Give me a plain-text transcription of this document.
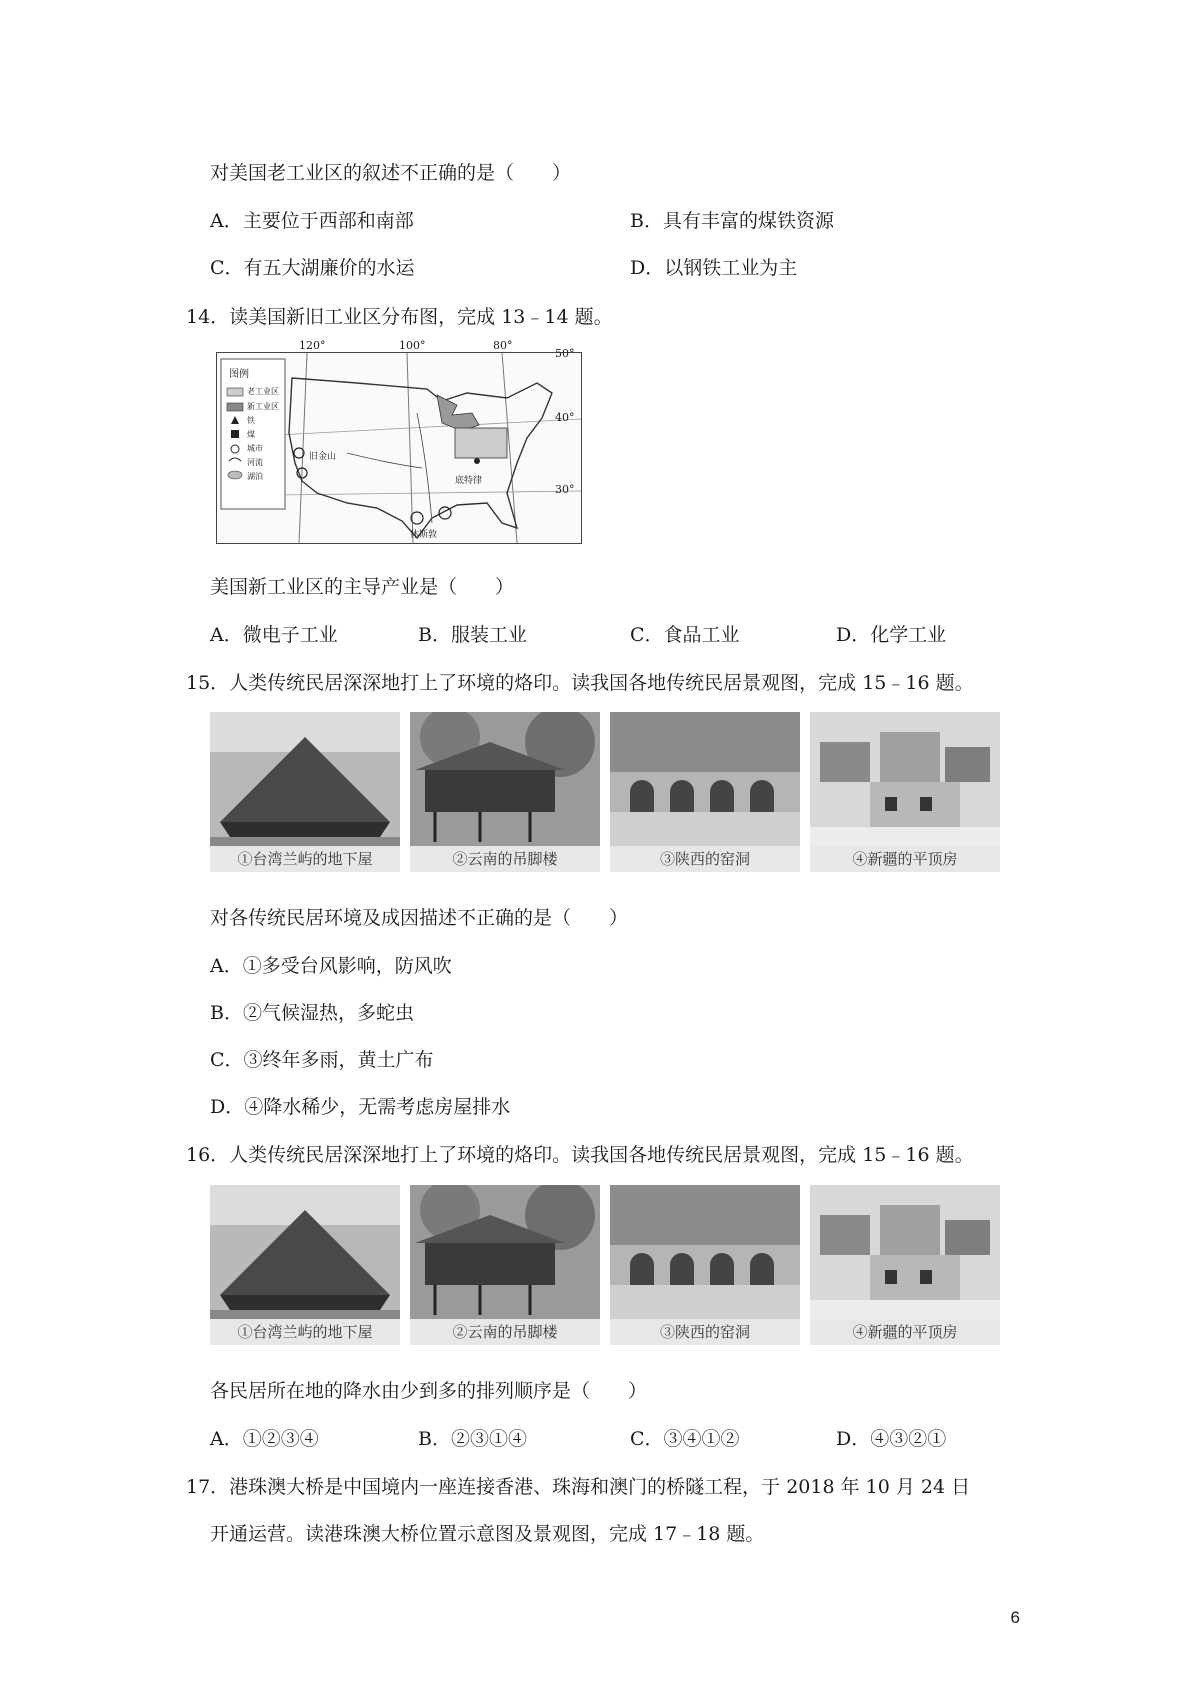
对美国老工业区的叙述不正确的是（　　）
A．主要位于西部和南部	B．具有丰富的煤铁资源
C．有五大湖廉价的水运	D．以钢铁工业为主
14．读美国新旧工业区分布图，完成 13﹣14 题。
图例
老工业区
新工业区
铁
煤
城市
河流
湖泊
120°	100°	80°
50°
40°
30°
旧金山
底特律
休斯敦
美国新工业区的主导产业是（　　）
A．微电子工业	B．服装工业	C．食品工业	D．化学工业
15．人类传统民居深深地打上了环境的烙印。读我国各地传统民居景观图，完成 15﹣16 题。
①台湾兰屿的地下屋	②云南的吊脚楼	③陕西的窑洞	④新疆的平顶房
对各传统民居环境及成因描述不正确的是（　　）
A．①多受台风影响，防风吹
B．②气候湿热，多蛇虫
C．③终年多雨，黄土广布
D．④降水稀少，无需考虑房屋排水
16．人类传统民居深深地打上了环境的烙印。读我国各地传统民居景观图，完成 15﹣16 题。
①台湾兰屿的地下屋	②云南的吊脚楼	③陕西的窑洞	④新疆的平顶房
各民居所在地的降水由少到多的排列顺序是（　　）
A．①②③④	B．②③①④	C．③④①②	D．④③②①
17．港珠澳大桥是中国境内一座连接香港、珠海和澳门的桥隧工程，于 2018 年 10 月 24 日
开通运营。读港珠澳大桥位置示意图及景观图，完成 17﹣18 题。
6
